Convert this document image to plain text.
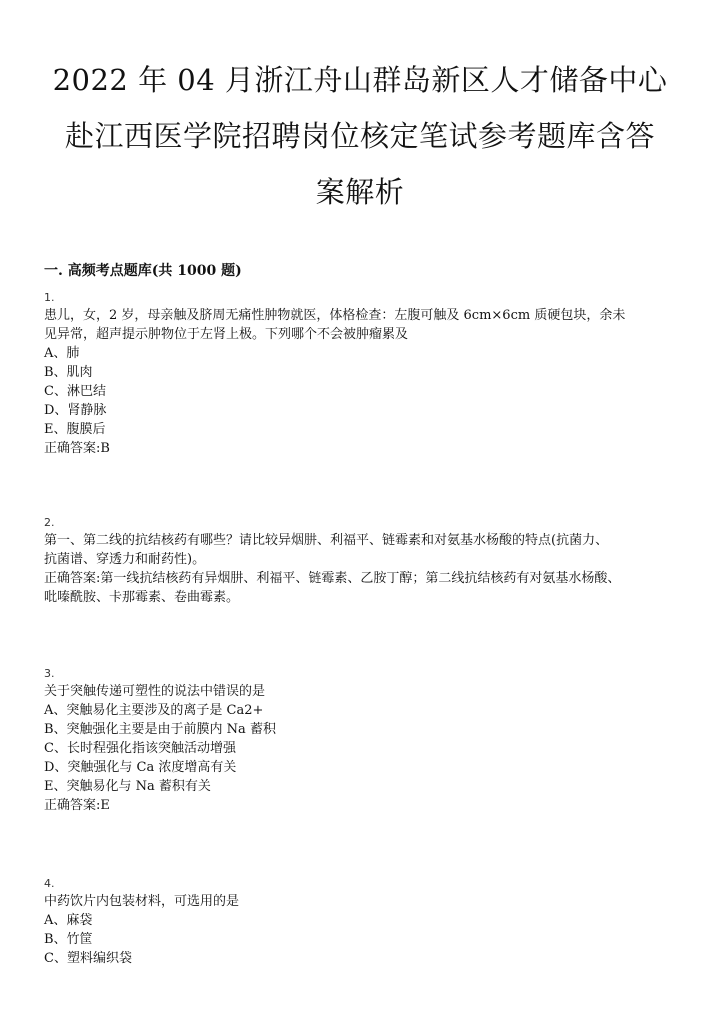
2022 年 04 月浙江舟山群岛新区人才储备中心
赴江西医学院招聘岗位核定笔试参考题库含答
案解析
一. 高频考点题库(共 1000 题)
1.
患儿，女，2 岁，母亲触及脐周无痛性肿物就医，体格检查：左腹可触及 6cm×6cm 质硬包块，余未
见异常，超声提示肿物位于左肾上极。下列哪个不会被肿瘤累及
A、肺
B、肌肉
C、淋巴结
D、肾静脉
E、腹膜后
正确答案:B
2.
第一、第二线的抗结核药有哪些？请比较异烟肼、利福平、链霉素和对氨基水杨酸的特点(抗菌力、
抗菌谱、穿透力和耐药性)。
正确答案:第一线抗结核药有异烟肼、利福平、链霉素、乙胺丁醇；第二线抗结核药有对氨基水杨酸、
吡嗪酰胺、卡那霉素、卷曲霉素。
3.
关于突触传递可塑性的说法中错误的是
A、突触易化主要涉及的离子是 Ca2+
B、突触强化主要是由于前膜内 Na 蓄积
C、长时程强化指该突触活动增强
D、突触强化与 Ca 浓度增高有关
E、突触易化与 Na 蓄积有关
正确答案:E
4.
中药饮片内包装材料，可选用的是
A、麻袋
B、竹筐
C、塑料编织袋
